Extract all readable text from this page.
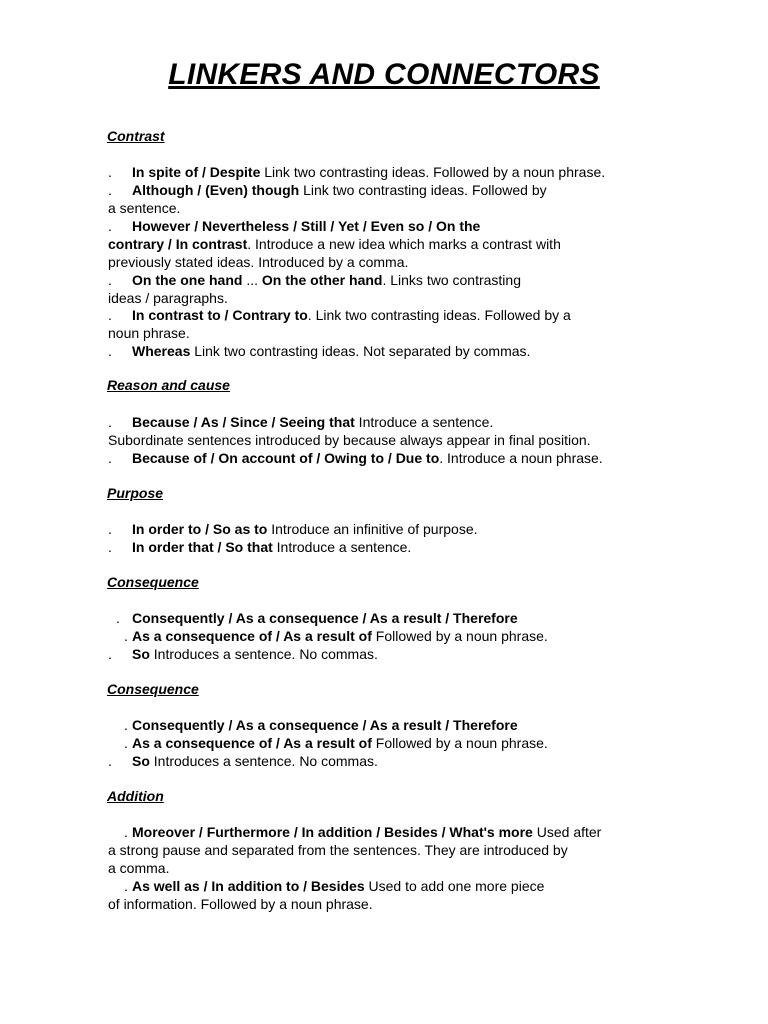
LINKERS AND CONNECTORS
Contrast
. In spite of / Despite Link two contrasting ideas. Followed by a noun phrase.
. Although / (Even) though Link two contrasting ideas. Followed by
a sentence.
. However / Nevertheless / Still / Yet / Even so / On the
contrary / In contrast. Introduce a new idea which marks a contrast with
previously stated ideas. Introduced by a comma.
. On the one hand ... On the other hand. Links two contrasting
ideas / paragraphs.
. In contrast to / Contrary to. Link two contrasting ideas. Followed by a
noun phrase.
. Whereas Link two contrasting ideas. Not separated by commas.
Reason and cause
. Because / As / Since / Seeing that Introduce a sentence.
Subordinate sentences introduced by because always appear in final position.
. Because of / On account of / Owing to / Due to. Introduce a noun phrase.
Purpose
. In order to / So as to Introduce an infinitive of purpose.
. In order that / So that Introduce a sentence.
Consequence
. Consequently / As a consequence / As a result / Therefore
. As a consequence of / As a result of Followed by a noun phrase.
. So Introduces a sentence. No commas.
Consequence
. Consequently / As a consequence / As a result / Therefore
. As a consequence of / As a result of Followed by a noun phrase.
. So Introduces a sentence. No commas.
Addition
. Moreover / Furthermore / In addition / Besides / What's more Used after
a strong pause and separated from the sentences. They are introduced by
a comma.
. As well as / In addition to / Besides Used to add one more piece
of information. Followed by a noun phrase.
